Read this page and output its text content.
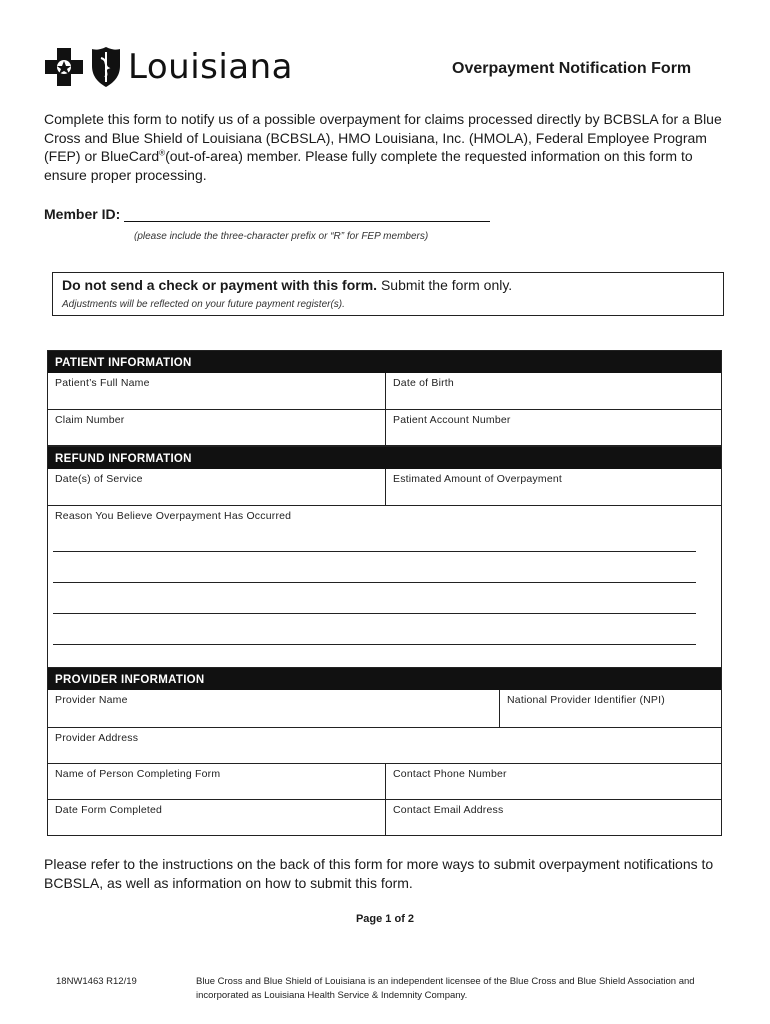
Louisiana	Overpayment Notification Form
Complete this form to notify us of a possible overpayment for claims processed directly by BCBSLA for a Blue Cross and Blue Shield of Louisiana (BCBSLA), HMO Louisiana, Inc. (HMOLA), Federal Employee Program (FEP) or BlueCard®(out-of-area) member. Please fully complete the requested information on this form to ensure proper processing.
Member ID:
(please include the three-character prefix or “R” for FEP members)
Do not send a check or payment with this form. Submit the form only.
Adjustments will be reflected on your future payment register(s).
PATIENT INFORMATION
Patient’s Full Name	Date of Birth
Claim Number	Patient Account Number
REFUND INFORMATION
Date(s) of Service	Estimated Amount of Overpayment
Reason You Believe Overpayment Has Occurred
PROVIDER INFORMATION
Provider Name	National Provider Identifier (NPI)
Provider Address
Name of Person Completing Form	Contact Phone Number
Date Form Completed	Contact Email Address
Please refer to the instructions on the back of this form for more ways to submit overpayment notifications to BCBSLA, as well as information on how to submit this form.
Page 1 of 2
18NW1463 R12/19	Blue Cross and Blue Shield of Louisiana is an independent licensee of the Blue Cross and Blue Shield Association and incorporated as Louisiana Health Service & Indemnity Company.
